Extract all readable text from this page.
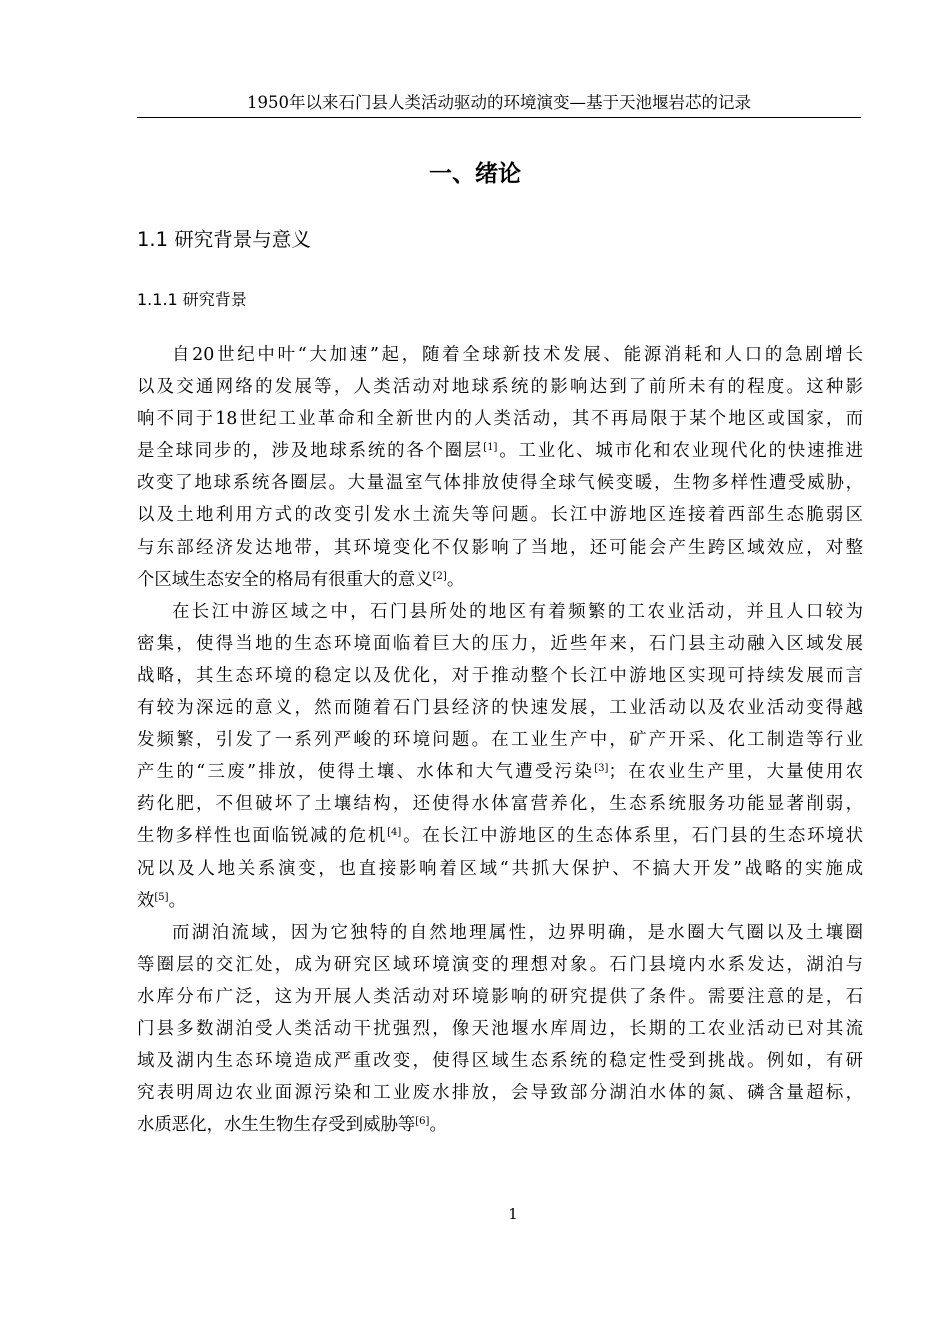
1950年以来石门县人类活动驱动的环境演变—基于天池堰岩芯的记录
一、绪论
1.1 研究背景与意义
1.1.1 研究背景
自20世纪中叶“大加速”起，随着全球新技术发展、能源消耗和人口的急剧增长
以及交通网络的发展等，人类活动对地球系统的影响达到了前所未有的程度。这种影
响不同于18世纪工业革命和全新世内的人类活动，其不再局限于某个地区或国家，而
是全球同步的，涉及地球系统的各个圈层[1]。工业化、城市化和农业现代化的快速推进
改变了地球系统各圈层。大量温室气体排放使得全球气候变暖，生物多样性遭受威胁，
以及土地利用方式的改变引发水土流失等问题。长江中游地区连接着西部生态脆弱区
与东部经济发达地带，其环境变化不仅影响了当地，还可能会产生跨区域效应，对整
个区域生态安全的格局有很重大的意义[2]。
在长江中游区域之中，石门县所处的地区有着频繁的工农业活动，并且人口较为
密集，使得当地的生态环境面临着巨大的压力，近些年来，石门县主动融入区域发展
战略，其生态环境的稳定以及优化，对于推动整个长江中游地区实现可持续发展而言
有较为深远的意义，然而随着石门县经济的快速发展，工业活动以及农业活动变得越
发频繁，引发了一系列严峻的环境问题。在工业生产中，矿产开采、化工制造等行业
产生的“三废”排放，使得土壤、水体和大气遭受污染[3]；在农业生产里，大量使用农
药化肥，不但破坏了土壤结构，还使得水体富营养化，生态系统服务功能显著削弱，
生物多样性也面临锐减的危机[4]。在长江中游地区的生态体系里，石门县的生态环境状
况以及人地关系演变，也直接影响着区域“共抓大保护、不搞大开发”战略的实施成
效[5]。
而湖泊流域，因为它独特的自然地理属性，边界明确，是水圈大气圈以及土壤圈
等圈层的交汇处，成为研究区域环境演变的理想对象。石门县境内水系发达，湖泊与
水库分布广泛，这为开展人类活动对环境影响的研究提供了条件。需要注意的是，石
门县多数湖泊受人类活动干扰强烈，像天池堰水库周边，长期的工农业活动已对其流
域及湖内生态环境造成严重改变，使得区域生态系统的稳定性受到挑战。例如，有研
究表明周边农业面源污染和工业废水排放，会导致部分湖泊水体的氮、磷含量超标，
水质恶化，水生生物生存受到威胁等[6]。
1
